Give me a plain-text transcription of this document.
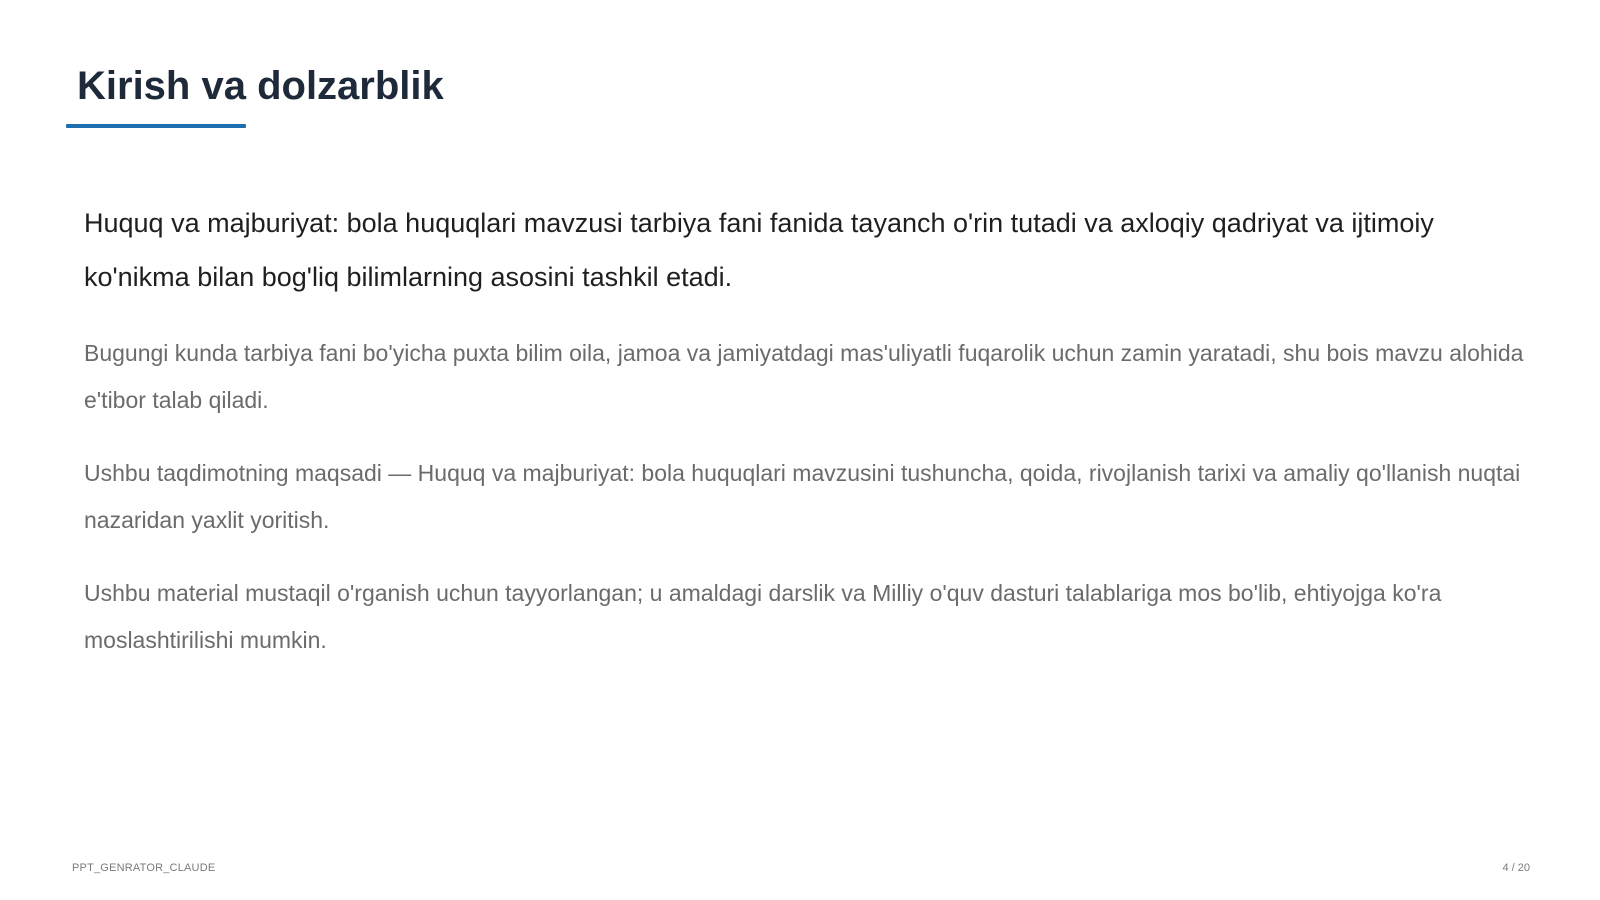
Kirish va dolzarblik

Huquq va majburiyat: bola huquqlari mavzusi tarbiya fani fanida tayanch o'rin tutadi va axloqiy qadriyat va ijtimoiy ko'nikma bilan bog'liq bilimlarning asosini tashkil etadi.

Bugungi kunda tarbiya fani bo'yicha puxta bilim oila, jamoa va jamiyatdagi mas'uliyatli fuqarolik uchun zamin yaratadi, shu bois mavzu alohida e'tibor talab qiladi.

Ushbu taqdimotning maqsadi — Huquq va majburiyat: bola huquqlari mavzusini tushuncha, qoida, rivojlanish tarixi va amaliy qo'llanish nuqtai nazaridan yaxlit yoritish.

Ushbu material mustaqil o'rganish uchun tayyorlangan; u amaldagi darslik va Milliy o'quv dasturi talablariga mos bo'lib, ehtiyojga ko'ra moslashtirilishi mumkin.

PPT_GENRATOR_CLAUDE	4 / 20
